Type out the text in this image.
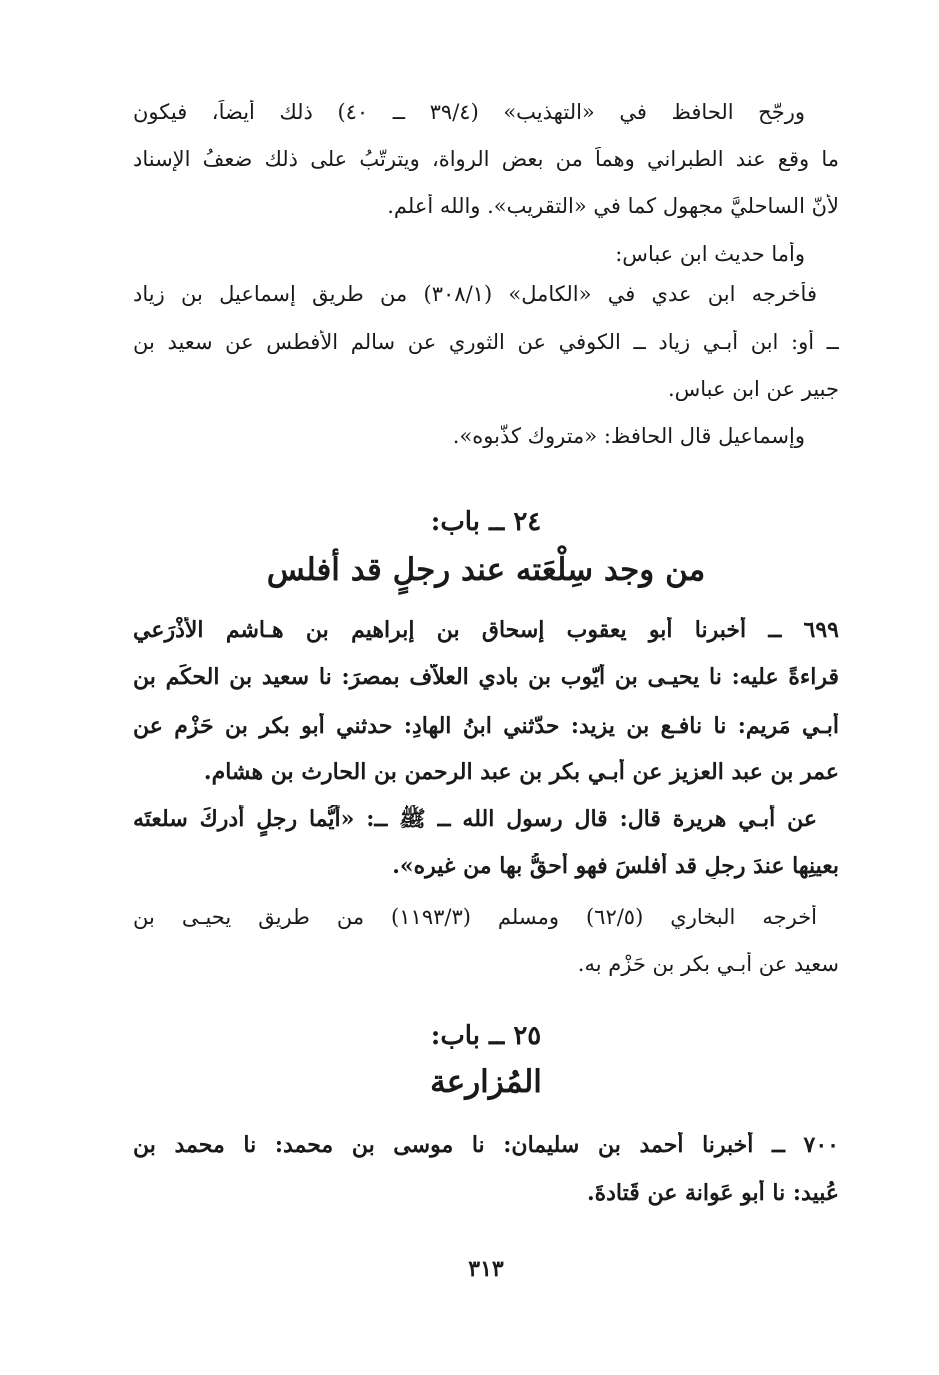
ورجّح الحافظ في «التهذيب» (٣٩/٤ ــ ٤٠) ذلك أيضاً، فيكون
ما وقع عند الطبراني وهماً من بعض الرواة، ويترتّبُ على ذلك ضعفُ الإسناد
لأنّ الساحليَّ مجهول كما في «التقريب». والله أعلم.
وأما حديث ابن عباس:
فأخرجه ابن عدي في «الكامل» (٣٠٨/١) من طريق إسماعيل بن زياد
ــ أو: ابن أبـي زياد ــ الكوفي عن الثوري عن سالم الأفطس عن سعيد بن
جبير عن ابن عباس.
وإسماعيل قال الحافظ: «متروك كذَّبوه».
٢٤ ــ باب:
من وجد سِلْعَته عند رجلٍ قد أفلس
٦٩٩ ــ أخبرنا أبو يعقوب إسحاق بن إبراهيم بن هـاشم الأَذْرَعي
قراءةً عليه: نا يحيـى بن أَيّوب بن بادي العلاّف بمصرَ: نا سعيد بن الحكَم بن
أبـي مَريم: نا نافـع بن يزيد: حدّثني ابنُ الهادِ: حدثني أبو بكر بن حَزْمٍ عن
عمر بن عبد العزيز عن أبـي بكر بن عبد الرحمن بن الحارث بن هشام.
عن أبـي هريرة قال: قال رسول الله ــ ﷺ ــ: «أيُّما رجلٍ أدركَ سلعتَه
بعينِها عندَ رجلٍ قد أفلسَ فهو أحقُّ بها من غيره».
أخرجه البخاري (٦٢/٥) ومسلم (١١٩٣/٣) من طريق يحيـى بن
سعيد عن أبـي بكر بن حَزْم به.
٢٥ ــ باب:
المُزارعة
٧٠٠ ــ أخبرنا أحمد بن سليمان: نا موسى بن محمد: نا محمد بن
عُبيد: نا أبو عَوانة عن قَتادةَ.
٣١٣
